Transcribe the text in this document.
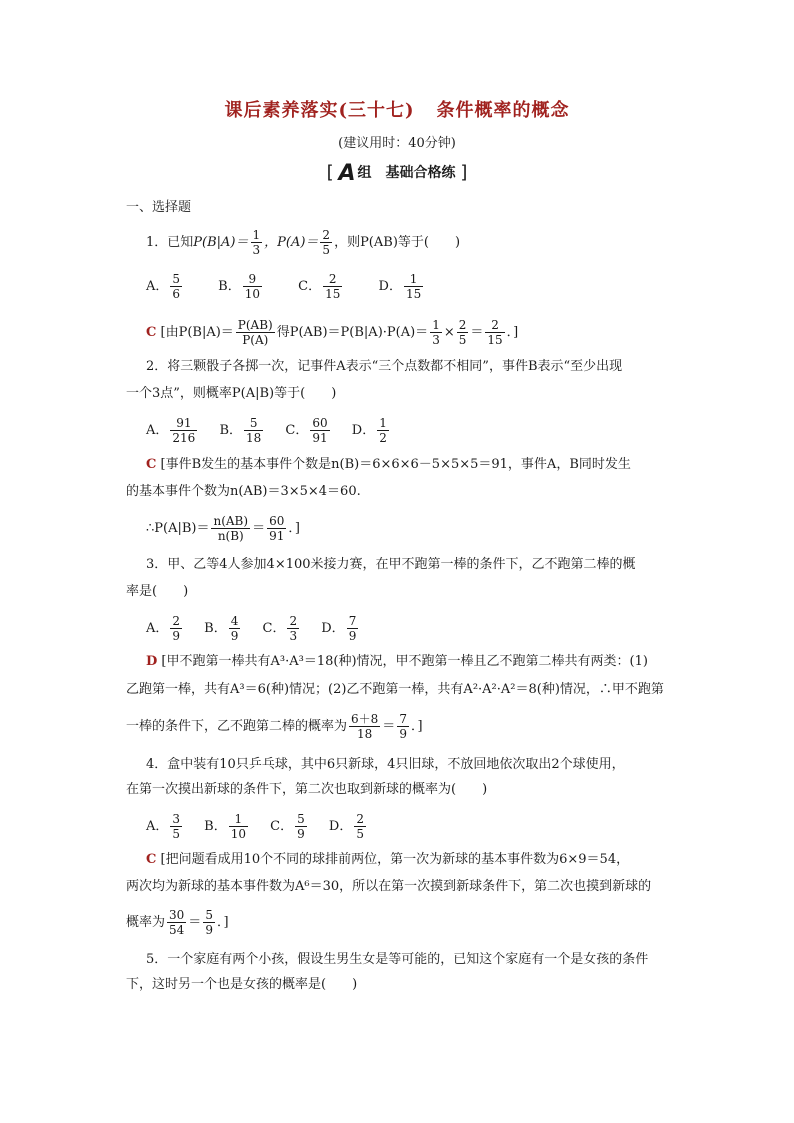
课后素养落实(三十七) 条件概率的概念
(建议用时：40分钟)
[ A 组 基础合格练 ]
一、选择题
1．已知$P(B|A)= \frac{1}{3}$ ，$P(A)= \frac{2}{5}$ ，则P(AB)等于(　　)
A． $\frac{5}{6}$	B． $\frac{9}{10}$	C． $\frac{2}{15}$	D． $\frac{1}{15}$
C [由$P(B|A)= \frac{P(AB)}{P(A)}$ 得$P(AB)=P(B|A)\cdot P(A)= \frac{1}{3} \times \frac{2}{5} = \frac{2}{15}$ ．]
2．将三颗骰子各掷一次，记事件A表示“三个点数都不相同”，事件B表示“至少出现
一个3点”，则概率P(A|B)等于(　　)
A． $\frac{91}{216}$ B． $\frac{5}{18}$ C． $\frac{60}{91}$ D． $\frac{1}{2}$
C [事件B发生的基本事件个数是n(B)＝6×6×6－5×5×5＝91，事件A，B同时发生
的基本事件个数为n(AB)＝3×5×4＝60.
∴P(A|B)＝ $\frac{n(AB)}{n(B)} = \frac{60}{91}$ ．]
3．甲、乙等4人参加4×100米接力赛，在甲不跑第一棒的条件下，乙不跑第二棒的概
率是(　　)
A． $\frac{2}{9}$ B． $\frac{4}{9}$ C． $\frac{2}{3}$ D． $\frac{7}{9}$
D [甲不跑第一棒共有A³·A³＝18(种)情况，甲不跑第一棒且乙不跑第二棒共有两类：(1)
乙跑第一棒，共有A³＝6(种)情况；(2)乙不跑第一棒，共有A²·A²·A²＝8(种)情况，∴甲不跑第
一棒的条件下，乙不跑第二棒的概率为 $\frac{6+8}{18} = \frac{7}{9}$ ．]
4．盒中装有10只乒乓球，其中6只新球，4只旧球，不放回地依次取出2个球使用，
在第一次摸出新球的条件下，第二次也取到新球的概率为(　　)
A． $\frac{3}{5}$ B． $\frac{1}{10}$ C． $\frac{5}{9}$ D． $\frac{2}{5}$
C [把问题看成用10个不同的球排前两位，第一次为新球的基本事件数为6×9＝54，
两次均为新球的基本事件数为A⁶＝30，所以在第一次摸到新球条件下，第二次也摸到新球的
概率为 $\frac{30}{54} = \frac{5}{9}$ ．]
5．一个家庭有两个小孩，假设生男生女是等可能的，已知这个家庭有一个是女孩的条件
下，这时另一个也是女孩的概率是(　　)
